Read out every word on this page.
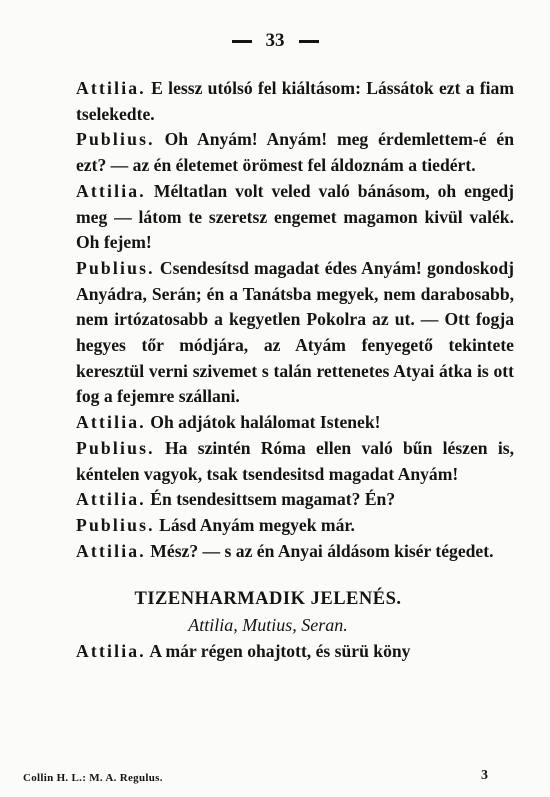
33

Attilia. E lessz utólsó fel kiáltásom: Lássátok ezt a fiam tselekedte.

Publius. Oh Anyám! Anyám! meg érdemlettem-é én ezt? — az én életemet örömest fel áldoznám a tiedért.

Attilia. Méltatlan volt veled való bánásom, oh engedj meg — látom te szeretsz engemet magamon kivül valék. Oh fejem!

Publius. Csendesítsd magadat édes Anyám! gondoskodj Anyádra, Serán; én a Tanátsba megyek, nem darabosabb, nem irtózatosabb a kegyetlen Pokolra az ut. — Ott fogja hegyes tőr módjára, az Atyám fenyegető tekintete keresztül verni szivemet s talán rettenetes Atyai átka is ott fog a fejemre szállani.

Attilia. Oh adjátok halálomat Istenek!

Publius. Ha szintén Róma ellen való bűn lészen is, kéntelen vagyok, tsak tsendesitsd magadat Anyám!

Attilia. Én tsendesittsem magamat? Én?

Publius. Lásd Anyám megyek már.

Attilia. Mész? — s az én Anyai áldásom kisér tégedet.

TIZENHARMADIK JELENÉS.

Attilia, Mutius, Seran.

Attilia. A már régen ohajtott, és sürü köny

Collin H. L.: M. A. Regulus.	3
